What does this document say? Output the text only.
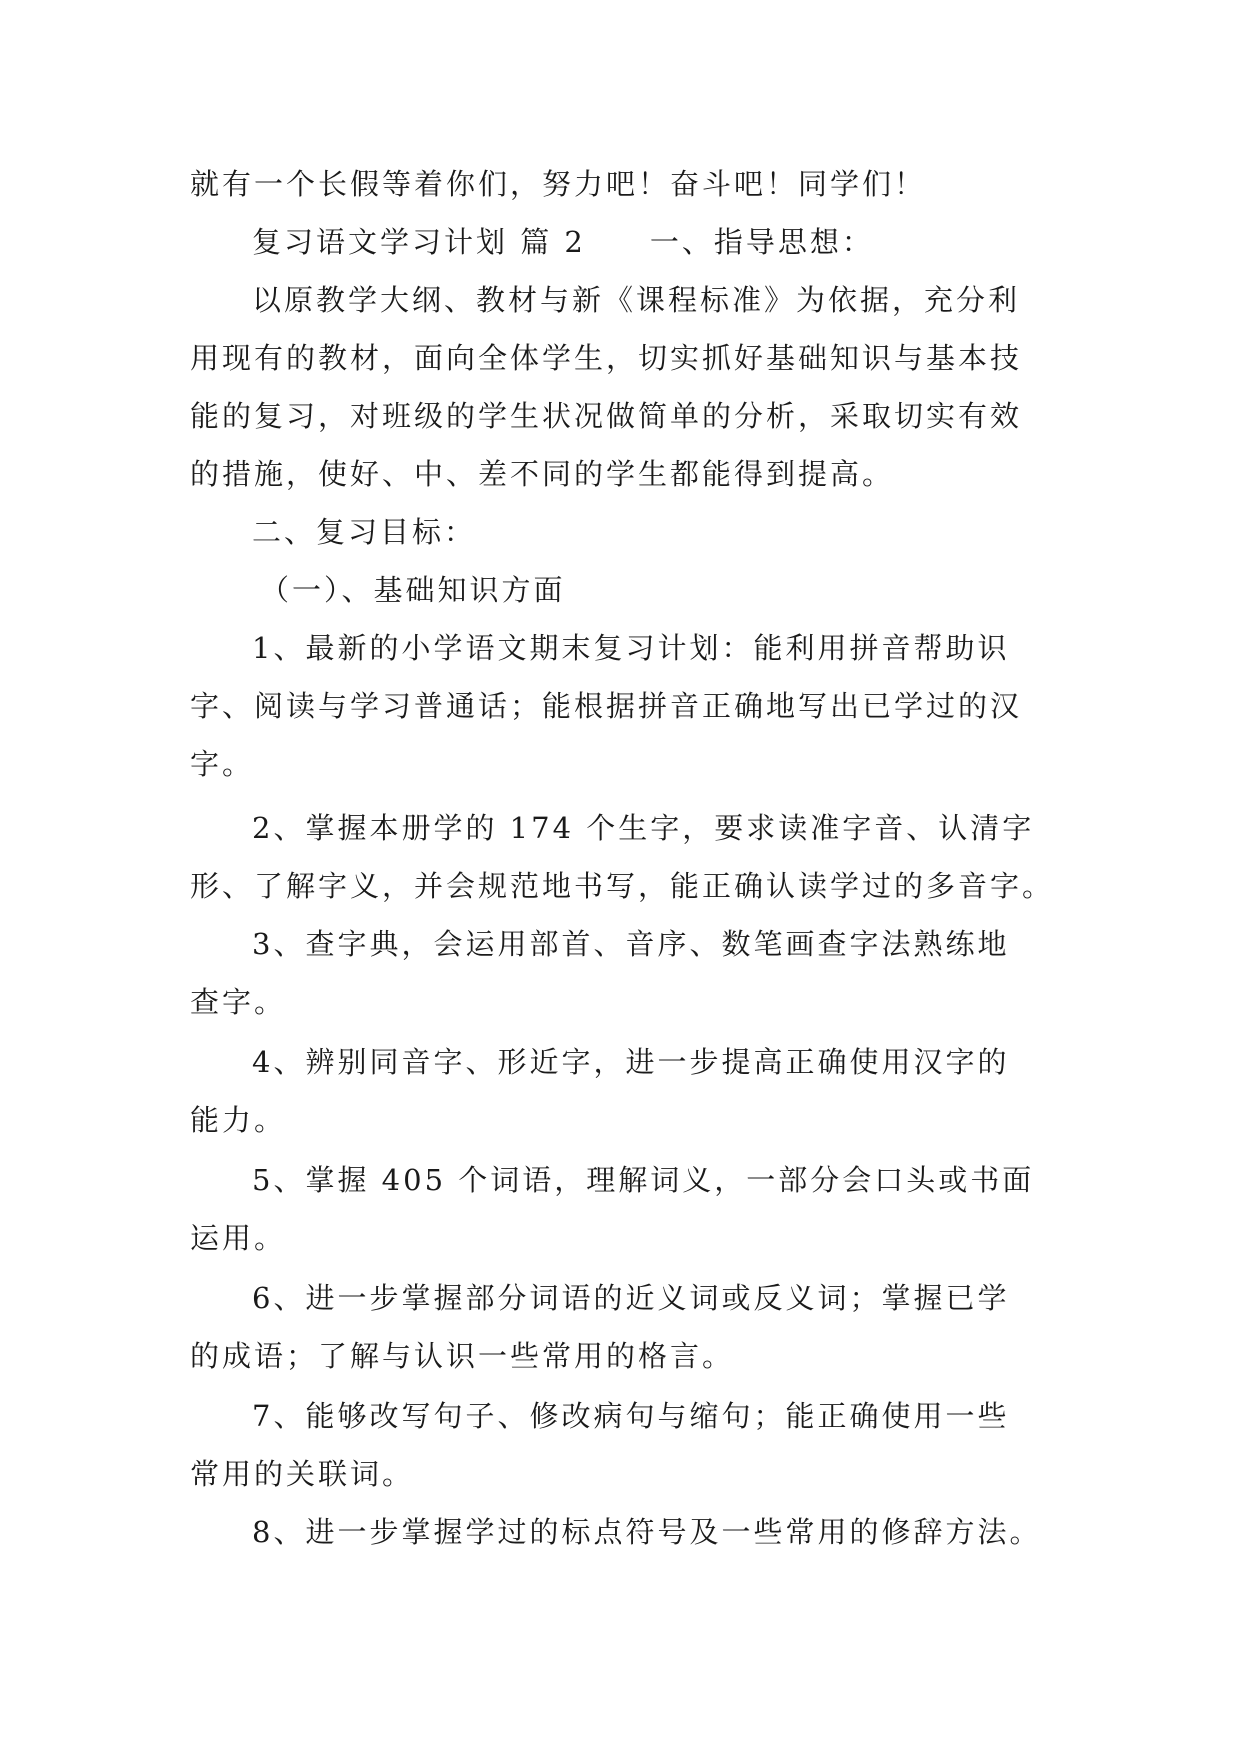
就有一个长假等着你们，努力吧！奋斗吧！同学们！
复习语文学习计划 篇 2　　一、指导思想：
以原教学大纲、教材与新《课程标准》为依据，充分利
用现有的教材，面向全体学生，切实抓好基础知识与基本技
能的复习，对班级的学生状况做简单的分析，采取切实有效
的措施，使好、中、差不同的学生都能得到提高。
二、复习目标：
（一）、基础知识方面
1、最新的小学语文期末复习计划：能利用拼音帮助识
字、阅读与学习普通话；能根据拼音正确地写出已学过的汉
字。
2、掌握本册学的 174 个生字，要求读准字音、认清字
形、了解字义，并会规范地书写，能正确认读学过的多音字。
3、查字典，会运用部首、音序、数笔画查字法熟练地
查字。
4、辨别同音字、形近字，进一步提高正确使用汉字的
能力。
5、掌握 405 个词语，理解词义，一部分会口头或书面
运用。
6、进一步掌握部分词语的近义词或反义词；掌握已学
的成语；了解与认识一些常用的格言。
7、能够改写句子、修改病句与缩句；能正确使用一些
常用的关联词。
8、进一步掌握学过的标点符号及一些常用的修辞方法。
